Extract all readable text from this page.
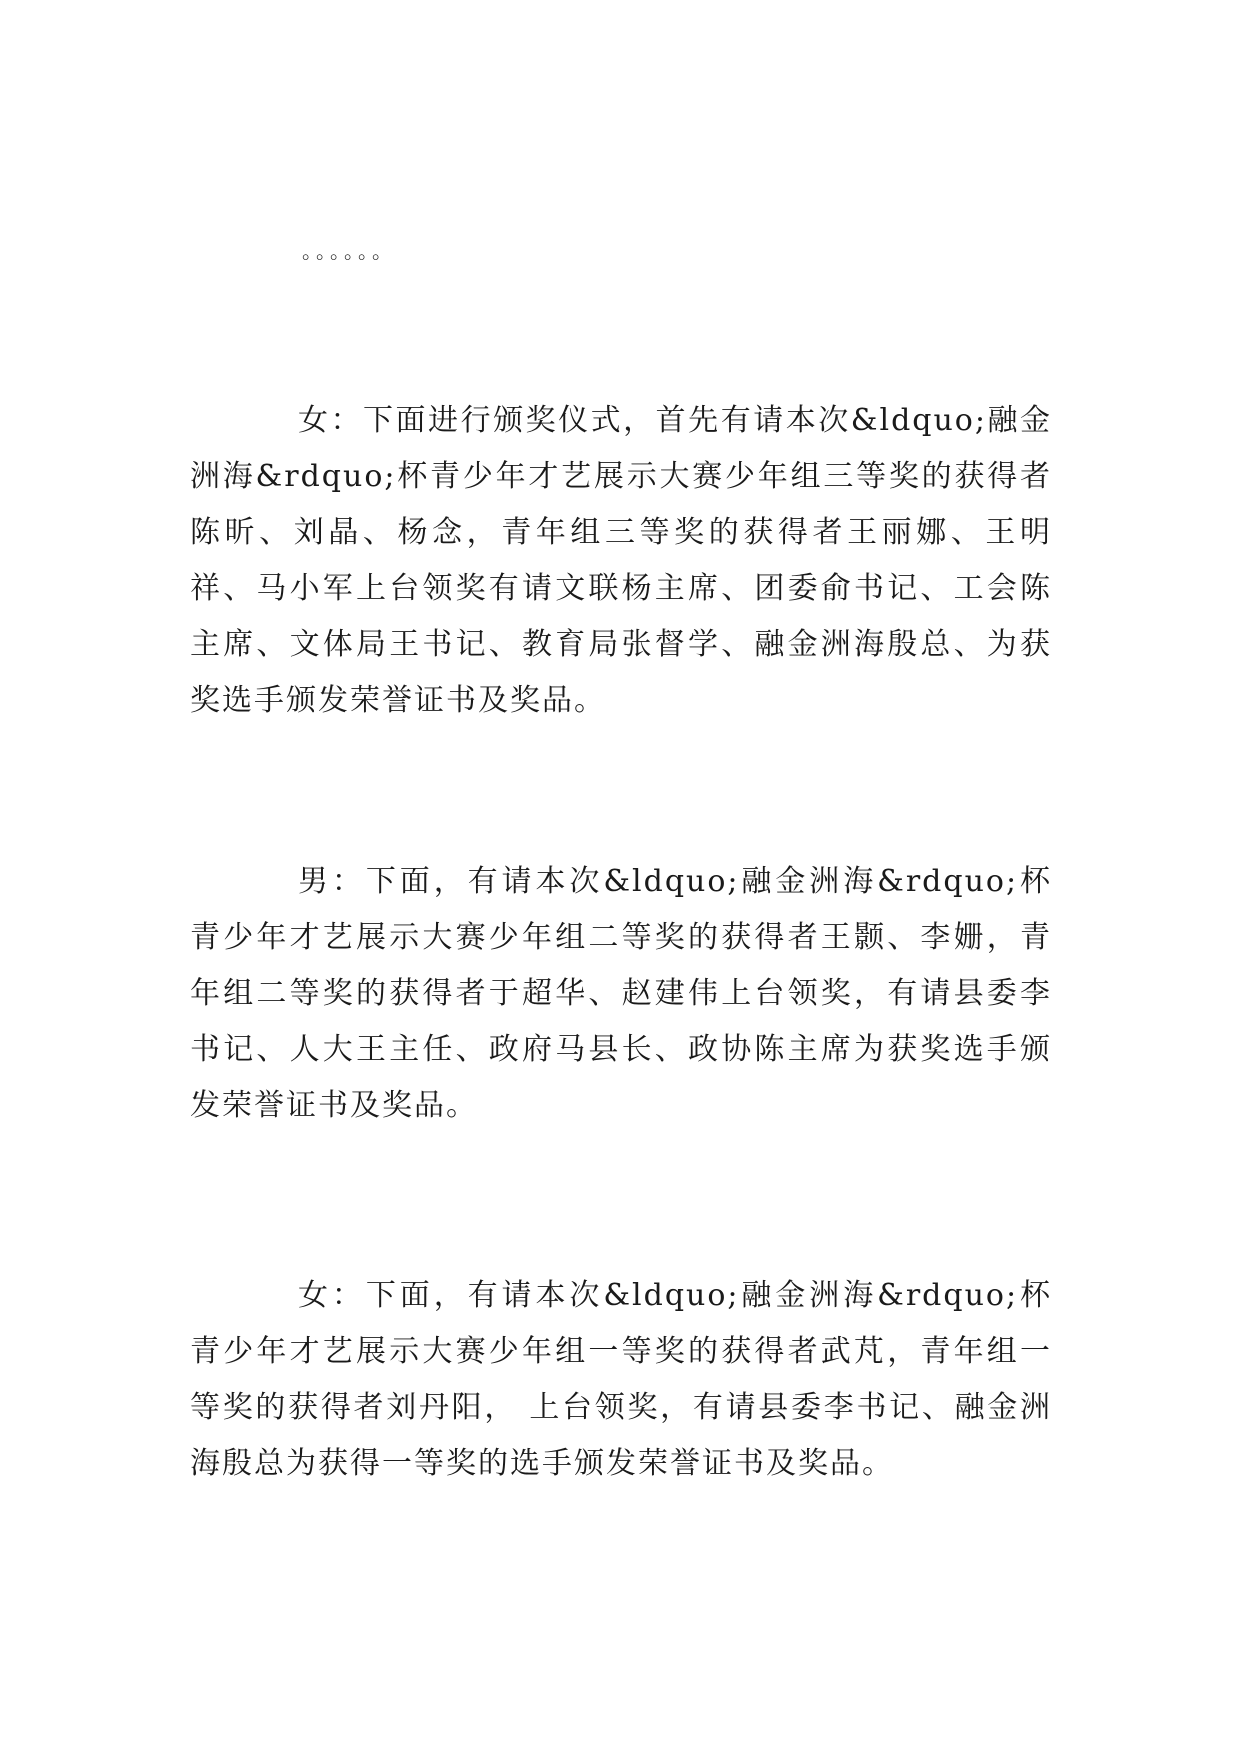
。。。。。。

女：下面进行颁奖仪式，首先有请本次&ldquo;融金洲海&rdquo;杯青少年才艺展示大赛少年组三等奖的获得者陈昕、刘晶、杨念，青年组三等奖的获得者王丽娜、王明祥、马小军上台领奖有请文联杨主席、团委俞书记、工会陈主席、文体局王书记、教育局张督学、融金洲海殷总、为获奖选手颁发荣誉证书及奖品。

男：下面，有请本次&ldquo;融金洲海&rdquo;杯青少年才艺展示大赛少年组二等奖的获得者王颢、李姗，青年组二等奖的获得者于超华、赵建伟上台领奖，有请县委李书记、人大王主任、政府马县长、政协陈主席为获奖选手颁发荣誉证书及奖品。

女：下面，有请本次&ldquo;融金洲海&rdquo;杯青少年才艺展示大赛少年组一等奖的获得者武芃，青年组一等奖的获得者刘丹阳， 上台领奖，有请县委李书记、融金洲海殷总为获得一等奖的选手颁发荣誉证书及奖品。
